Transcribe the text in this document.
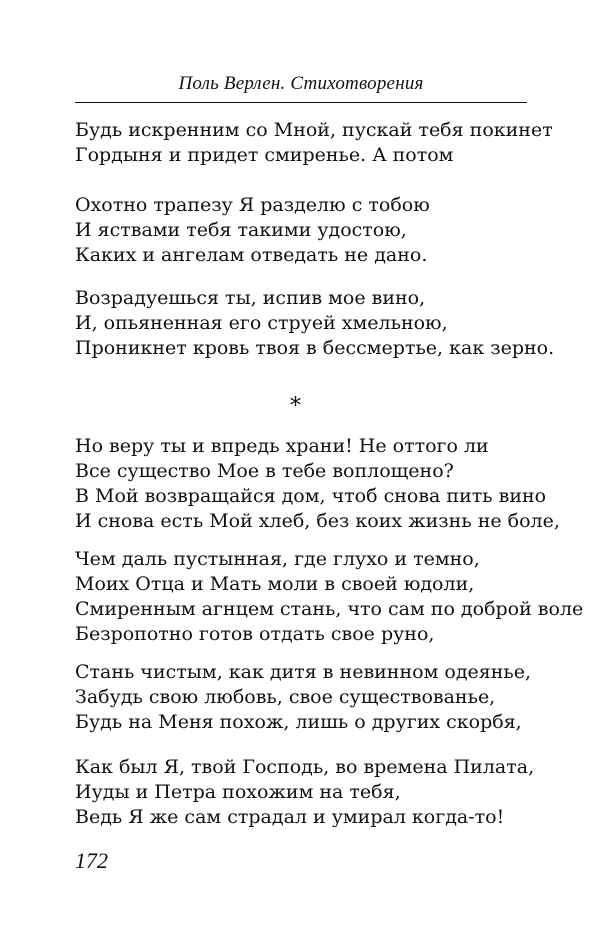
Поль Верлен. Стихотворения
Будь искренним со Мной, пускай тебя покинет
Гордыня и придет смиренье. А потом
Охотно трапезу Я разделю с тобою
И яствами тебя такими удостою,
Каких и ангелам отведать не дано.
Возрадуешься ты, испив мое вино,
И, опьяненная его струей хмельною,
Проникнет кровь твоя в бессмертье, как зерно.
Но веру ты и впредь храни! Не оттого ли
Все существо Мое в тебе воплощено?
В Мой возвращайся дом, чтоб снова пить вино
И снова есть Мой хлеб, без коих жизнь не боле,
Чем даль пустынная, где глухо и темно,
Моих Отца и Мать моли в своей юдоли,
Смиренным агнцем стань, что сам по доброй воле
Безропотно готов отдать свое руно,
Стань чистым, как дитя в невинном одеянье,
Забудь свою любовь, свое существованье,
Будь на Меня похож, лишь о других скорбя,
Как был Я, твой Господь, во времена Пилата,
Иуды и Петра похожим на тебя,
Ведь Я же сам страдал и умирал когда-то!
*
172
